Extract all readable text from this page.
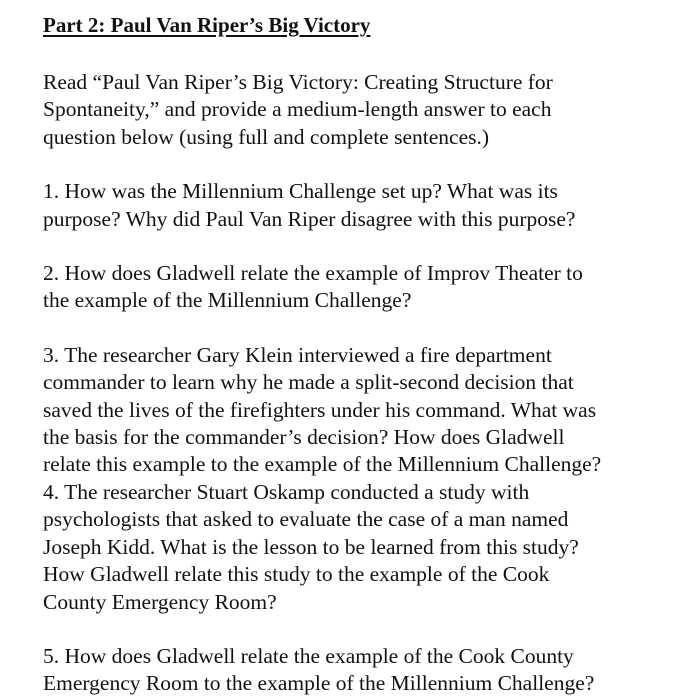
Part 2: Paul Van Riper’s Big Victory

Read “Paul Van Riper’s Big Victory: Creating Structure for
Spontaneity,” and provide a medium-length answer to each
question below (using full and complete sentences.)

1. How was the Millennium Challenge set up? What was its
purpose? Why did Paul Van Riper disagree with this purpose?

2. How does Gladwell relate the example of Improv Theater to
the example of the Millennium Challenge?

3. The researcher Gary Klein interviewed a fire department
commander to learn why he made a split-second decision that
saved the lives of the firefighters under his command. What was
the basis for the commander’s decision? How does Gladwell
relate this example to the example of the Millennium Challenge?

4. The researcher Stuart Oskamp conducted a study with
psychologists that asked to evaluate the case of a man named
Joseph Kidd. What is the lesson to be learned from this study?
How Gladwell relate this study to the example of the Cook
County Emergency Room?

5. How does Gladwell relate the example of the Cook County
Emergency Room to the example of the Millennium Challenge?
